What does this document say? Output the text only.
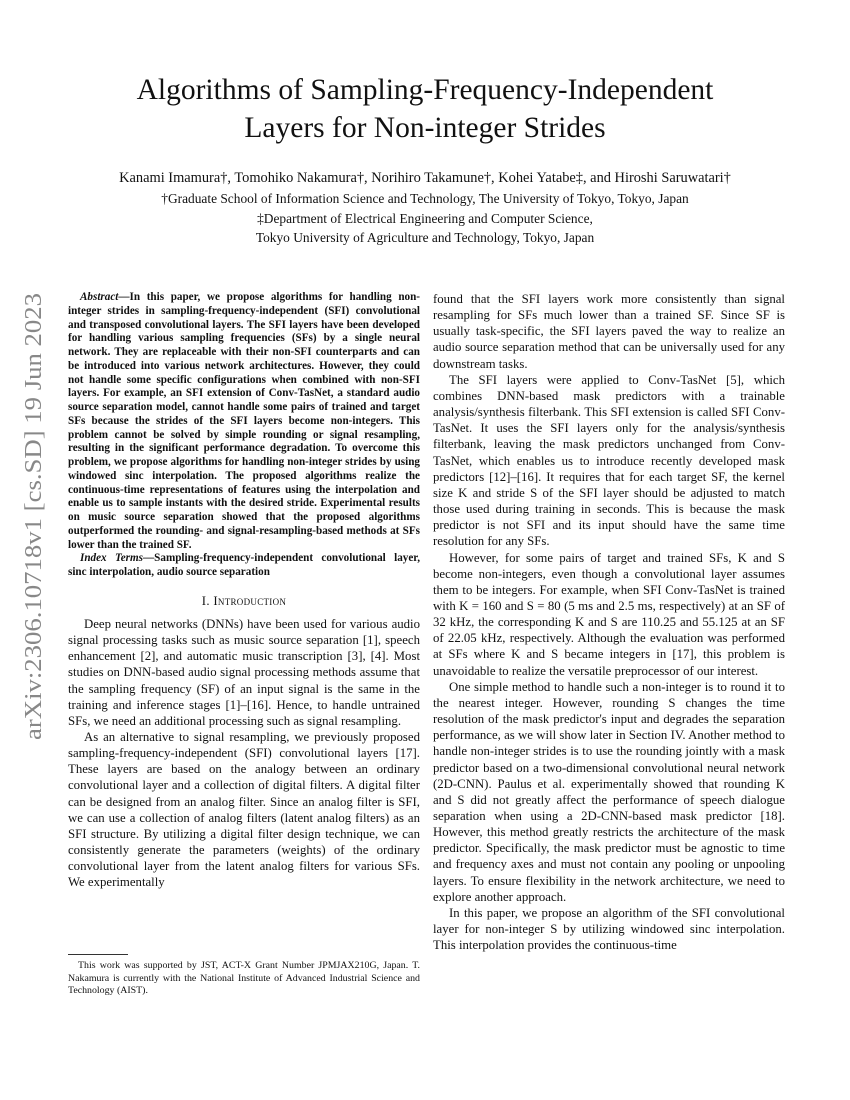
arXiv:2306.10718v1 [cs.SD] 19 Jun 2023
Algorithms of Sampling-Frequency-Independent
Layers for Non-integer Strides
Kanami Imamura†, Tomohiko Nakamura†, Norihiro Takamune†, Kohei Yatabe‡, and Hiroshi Saruwatari†
†Graduate School of Information Science and Technology, The University of Tokyo, Tokyo, Japan
‡Department of Electrical Engineering and Computer Science,
Tokyo University of Agriculture and Technology, Tokyo, Japan

Abstract—In this paper, we propose algorithms for handling non-integer strides in sampling-frequency-independent (SFI) convolutional and transposed convolutional layers. The SFI layers have been developed for handling various sampling frequencies (SFs) by a single neural network. They are replaceable with their non-SFI counterparts and can be introduced into various network architectures. However, they could not handle some specific configurations when combined with non-SFI layers. For example, an SFI extension of Conv-TasNet, a standard audio source separation model, cannot handle some pairs of trained and target SFs because the strides of the SFI layers become non-integers. This problem cannot be solved by simple rounding or signal resampling, resulting in the significant performance degradation. To overcome this problem, we propose algorithms for handling non-integer strides by using windowed sinc interpolation. The proposed algorithms realize the continuous-time representations of features using the interpolation and enable us to sample instants with the desired stride. Experimental results on music source separation showed that the proposed algorithms outperformed the rounding- and signal-resampling-based methods at SFs lower than the trained SF.

Index Terms—Sampling-frequency-independent convolutional layer, sinc interpolation, audio source separation

I. Introduction

Deep neural networks (DNNs) have been used for various audio signal processing tasks such as music source separation [1], speech enhancement [2], and automatic music transcription [3], [4]. Most studies on DNN-based audio signal processing methods assume that the sampling frequency (SF) of an input signal is the same in the training and inference stages [1]–[16]. Hence, to handle untrained SFs, we need an additional processing such as signal resampling.

As an alternative to signal resampling, we previously proposed sampling-frequency-independent (SFI) convolutional layers [17]. These layers are based on the analogy between an ordinary convolutional layer and a collection of digital filters. A digital filter can be designed from an analog filter. Since an analog filter is SFI, we can use a collection of analog filters (latent analog filters) as an SFI structure. By utilizing a digital filter design technique, we can consistently generate the parameters (weights) of the ordinary convolutional layer from the latent analog filters for various SFs. We experimentally

This work was supported by JST, ACT-X Grant Number JPMJAX210G, Japan. T. Nakamura is currently with the National Institute of Advanced Industrial Science and Technology (AIST).

found that the SFI layers work more consistently than signal resampling for SFs much lower than a trained SF. Since SF is usually task-specific, the SFI layers paved the way to realize an audio source separation method that can be universally used for any downstream tasks.

The SFI layers were applied to Conv-TasNet [5], which combines DNN-based mask predictors with a trainable analysis/synthesis filterbank. This SFI extension is called SFI Conv-TasNet. It uses the SFI layers only for the analysis/synthesis filterbank, leaving the mask predictors unchanged from Conv-TasNet, which enables us to introduce recently developed mask predictors [12]–[16]. It requires that for each target SF, the kernel size K and stride S of the SFI layer should be adjusted to match those used during training in seconds. This is because the mask predictor is not SFI and its input should have the same time resolution for any SFs.

However, for some pairs of target and trained SFs, K and S become non-integers, even though a convolutional layer assumes them to be integers. For example, when SFI Conv-TasNet is trained with K = 160 and S = 80 (5 ms and 2.5 ms, respectively) at an SF of 32 kHz, the corresponding K and S are 110.25 and 55.125 at an SF of 22.05 kHz, respectively. Although the evaluation was performed at SFs where K and S became integers in [17], this problem is unavoidable to realize the versatile preprocessor of our interest.

One simple method to handle such a non-integer is to round it to the nearest integer. However, rounding S changes the time resolution of the mask predictor's input and degrades the separation performance, as we will show later in Section IV. Another method to handle non-integer strides is to use the rounding jointly with a mask predictor based on a two-dimensional convolutional neural network (2D-CNN). Paulus et al. experimentally showed that rounding K and S did not greatly affect the performance of speech dialogue separation when using a 2D-CNN-based mask predictor [18]. However, this method greatly restricts the architecture of the mask predictor. Specifically, the mask predictor must be agnostic to time and frequency axes and must not contain any pooling or unpooling layers. To ensure flexibility in the network architecture, we need to explore another approach.

In this paper, we propose an algorithm of the SFI convolutional layer for non-integer S by utilizing windowed sinc interpolation. This interpolation provides the continuous-time
